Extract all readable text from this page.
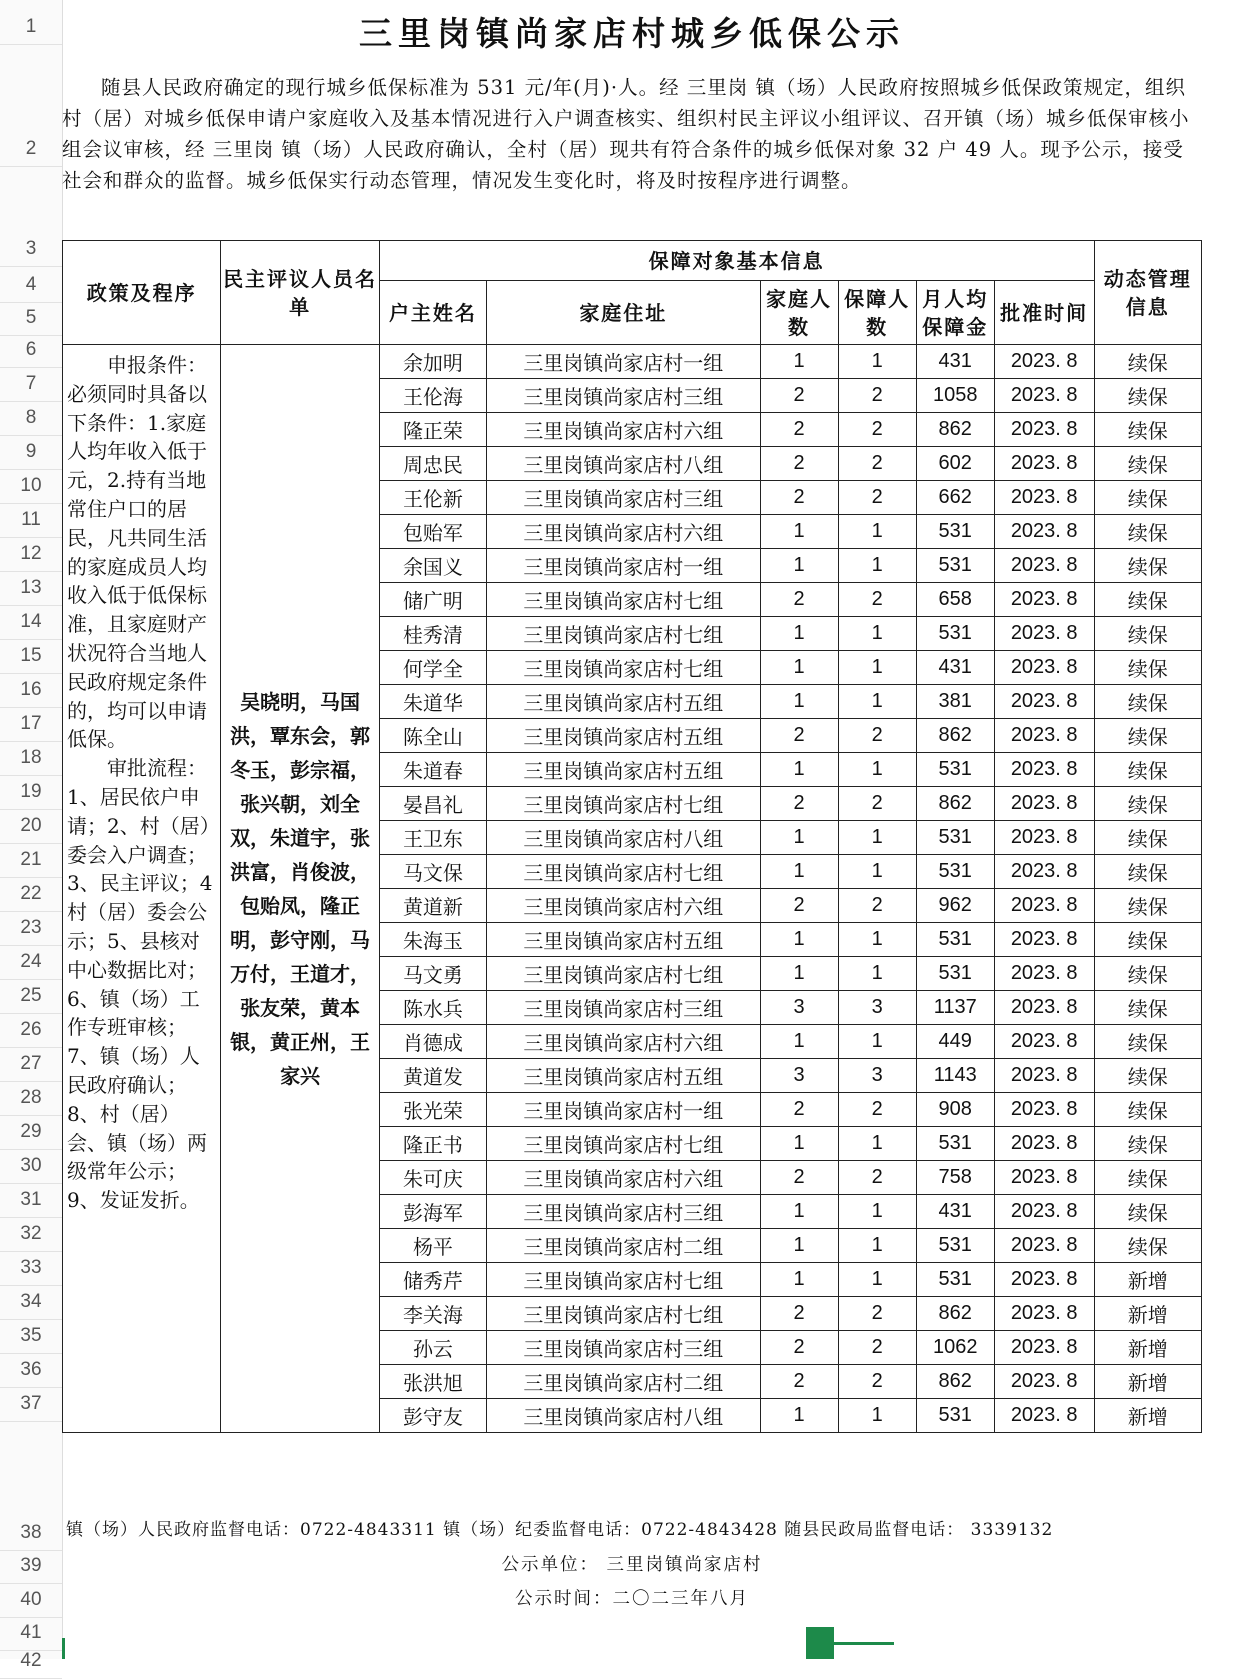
1
2
3
4
5
6
7
8
9
10
11
12
13
14
15
16
17
18
19
20
21
22
23
24
25
26
27
28
29
30
31
32
33
34
35
36
37
38
39
40
41
42
三里岗镇尚家店村城乡低保公示

随县人民政府确定的现行城乡低保标准为 531 元/年(月)·人。经 三里岗 镇（场）人民政府按照城乡低保政策规定，组织村（居）对城乡低保申请户家庭收入及基本情况进行入户调查核实、组织村民主评议小组评议、召开镇（场）城乡低保审核小组会议审核，经 三里岗 镇（场）人民政府确认，全村（居）现共有符合条件的城乡低保对象 32 户 49 人。现予公示，接受社会和群众的监督。城乡低保实行动态管理，情况发生变化时，将及时按程序进行调整。

政策及程序	民主评议人员名单	保障对象基本信息						动态管理信息
		户主姓名	家庭住址	家庭人数	保障人数	月人均保障金	批准时间	

申报条件：必须同时具备以下条件：1.家庭人均年收入低于元，2.持有当地常住户口的居民，凡共同生活的家庭成员人均收入低于低保标准，且家庭财产状况符合当地人民政府规定条件的，均可以申请低保。

审批流程：1、居民依户申请；2、村（居）委会入户调查；3、民主评议；4村（居）委会公示；5、县核对中心数据比对；6、镇（场）工作专班审核；7、镇（场）人民政府确认；8、村（居）会、镇（场）两级常年公示；9、发证发折。	吴晓明，马国洪，覃东会，郭冬玉，彭宗福，张兴朝，刘全双，朱道宇，张洪富，肖俊波，包贻凤，隆正明，彭守刚，马万付，王道才，张友荣，黄本银，黄正州，王家兴	余加明	三里岗镇尚家店村一组	1	1	431	2023. 8	续保
		王伦海	三里岗镇尚家店村三组	2	2	1058	2023. 8	续保
		隆正荣	三里岗镇尚家店村六组	2	2	862	2023. 8	续保
		周忠民	三里岗镇尚家店村八组	2	2	602	2023. 8	续保
		王伦新	三里岗镇尚家店村三组	2	2	662	2023. 8	续保
		包贻军	三里岗镇尚家店村六组	1	1	531	2023. 8	续保
		余国义	三里岗镇尚家店村一组	1	1	531	2023. 8	续保
		储广明	三里岗镇尚家店村七组	2	2	658	2023. 8	续保
		桂秀清	三里岗镇尚家店村七组	1	1	531	2023. 8	续保
		何学全	三里岗镇尚家店村七组	1	1	431	2023. 8	续保
		朱道华	三里岗镇尚家店村五组	1	1	381	2023. 8	续保
		陈全山	三里岗镇尚家店村五组	2	2	862	2023. 8	续保
		朱道春	三里岗镇尚家店村五组	1	1	531	2023. 8	续保
		晏昌礼	三里岗镇尚家店村七组	2	2	862	2023. 8	续保
		王卫东	三里岗镇尚家店村八组	1	1	531	2023. 8	续保
		马文保	三里岗镇尚家店村七组	1	1	531	2023. 8	续保
		黄道新	三里岗镇尚家店村六组	2	2	962	2023. 8	续保
		朱海玉	三里岗镇尚家店村五组	1	1	531	2023. 8	续保
		马文勇	三里岗镇尚家店村七组	1	1	531	2023. 8	续保
		陈水兵	三里岗镇尚家店村三组	3	3	1137	2023. 8	续保
		肖德成	三里岗镇尚家店村六组	1	1	449	2023. 8	续保
		黄道发	三里岗镇尚家店村五组	3	3	1143	2023. 8	续保
		张光荣	三里岗镇尚家店村一组	2	2	908	2023. 8	续保
		隆正书	三里岗镇尚家店村七组	1	1	531	2023. 8	续保
		朱可庆	三里岗镇尚家店村六组	2	2	758	2023. 8	续保
		彭海军	三里岗镇尚家店村三组	1	1	431	2023. 8	续保
		杨平	三里岗镇尚家店村二组	1	1	531	2023. 8	续保
		储秀芹	三里岗镇尚家店村七组	1	1	531	2023. 8	新增
		李关海	三里岗镇尚家店村七组	2	2	862	2023. 8	新增
		孙云	三里岗镇尚家店村三组	2	2	1062	2023. 8	新增
		张洪旭	三里岗镇尚家店村二组	2	2	862	2023. 8	新增
		彭守友	三里岗镇尚家店村八组	1	1	531	2023. 8	新增
镇（场）人民政府监督电话：0722-4843311 镇（场）纪委监督电话：0722-4843428 随县民政局监督电话： 3339132
公示单位： 三里岗镇尚家店村
公示时间：二〇二三年八月
